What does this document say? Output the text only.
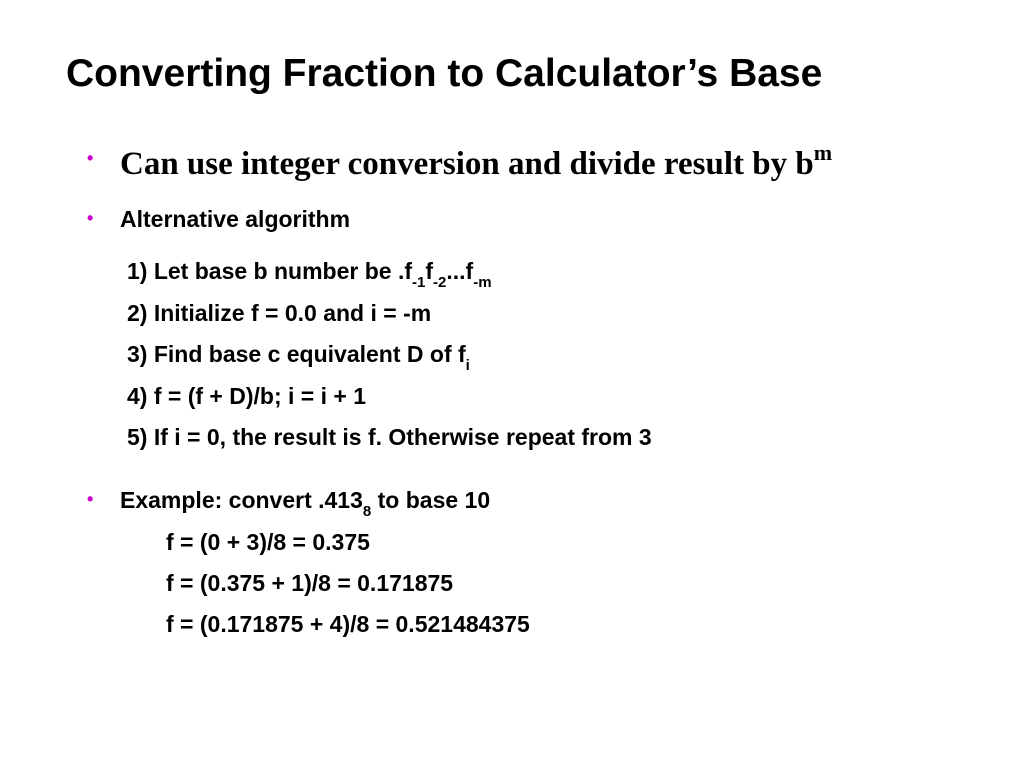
Converting Fraction to Calculator’s Base
• Can use integer conversion and divide result by $b^m$
• Alternative algorithm
1) Let base b number be $.f_{-1}f_{-2}...f_{-m}$
2) Initialize f = 0.0 and i = -m
3) Find base c equivalent D of $f_i$
4) f = (f + D)/b; i = i + 1
5) If i = 0, the result is f. Otherwise repeat from 3
• Example: convert $.413_8$ to base 10
f = (0 + 3)/8 = 0.375
f = (0.375 + 1)/8 = 0.171875
f = (0.171875 + 4)/8 = 0.521484375
